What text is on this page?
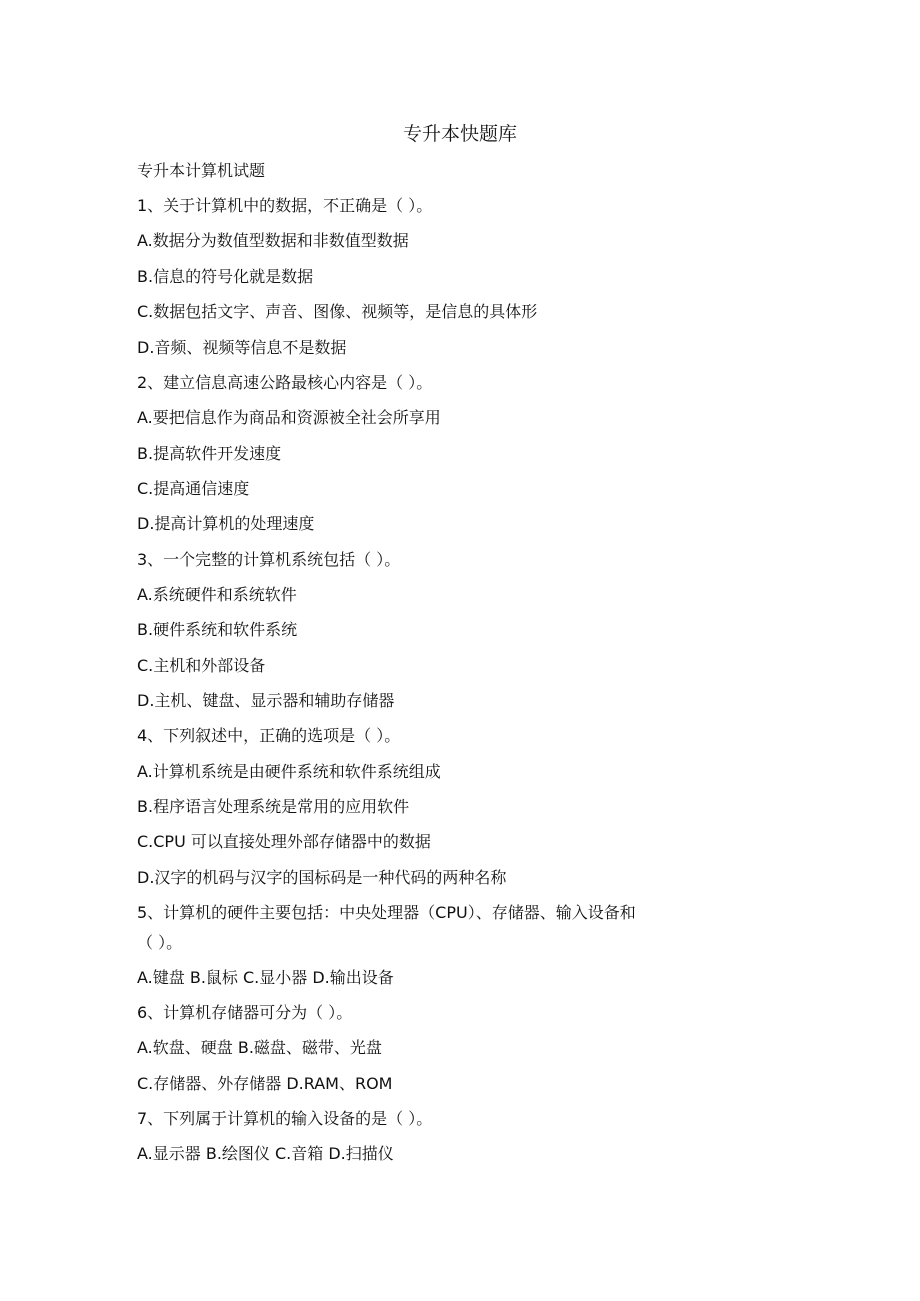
专升本快题库
专升本计算机试题
1、关于计算机中的数据，不正确是（ ）。
A.数据分为数值型数据和非数值型数据
B.信息的符号化就是数据
C.数据包括文字、声音、图像、视频等，是信息的具体形
D.音频、视频等信息不是数据
2、建立信息高速公路最核心内容是（ ）。
A.要把信息作为商品和资源被全社会所享用
B.提高软件开发速度
C.提高通信速度
D.提高计算机的处理速度
3、一个完整的计算机系统包括（ ）。
A.系统硬件和系统软件
B.硬件系统和软件系统
C.主机和外部设备
D.主机、键盘、显示器和辅助存储器
4、下列叙述中，正确的选项是（ ）。
A.计算机系统是由硬件系统和软件系统组成
B.程序语言处理系统是常用的应用软件
C.CPU 可以直接处理外部存储器中的数据
D.汉字的机码与汉字的国标码是一种代码的两种名称
5、计算机的硬件主要包括：中央处理器（CPU）、存储器、输入设备和
（ ）。
A.键盘 B.鼠标 C.显小器 D.输出设备
6、计算机存储器可分为（ ）。
A.软盘、硬盘 B.磁盘、磁带、光盘
C.存储器、外存储器 D.RAM、ROM
7、下列属于计算机的输入设备的是（ ）。
A.显示器 B.绘图仪 C.音箱 D.扫描仪
